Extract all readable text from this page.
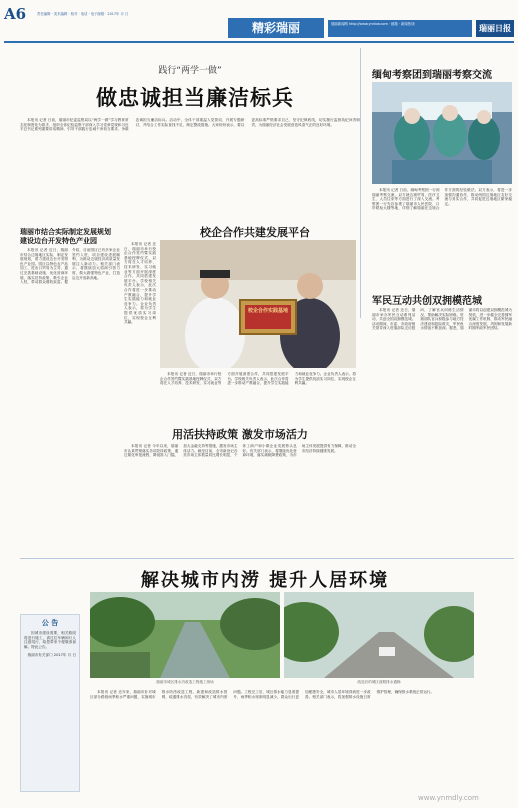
A6	责任编辑 · 美术编辑 · 校对 · 电话 · 电子邮箱 · 2017年 月 日
精彩瑞丽	瑞丽新闻网 http://www.ynrlxw.com · 邮箱 · 新闻热线	瑞丽日报
践行“两学一做”
做忠诚担当廉洁标兵

本报讯 记者 日前，瑞丽市纪委监察局以“两学一做”学习教育常态化制度化为抓手，组织全体纪检监察干部深入学习党章党规和习近平总书记系列重要讲话精神，引导干部践行忠诚干净担当要求，争做忠诚担当廉洁标兵。活动中，全体干部重温入党誓词，开展专题研讨，并结合工作实际查找不足，制定整改措施。大家纷纷表示，要以更高标准严格要求自己，坚守纪律底线，切实履行监督执纪问责职责，为瑞丽经济社会发展营造风清气正的良好环境。

缅甸考察团到瑞丽考察交流

本报讯 记者 日前，缅甸考察团一行到瑞丽考察交流，双方就边境贸易、医疗卫生、人员往来等方面进行了深入交流。考察团一行先后参观了瑞丽市人民医院、口岸联检大楼等地，详细了解瑞丽在边境合作方面的经验做法。双方表示，将进一步加强沟通协作，推动两国边境地区友好交流与务实合作，共同促进边境地区繁荣稳定。

瑞丽市结合实际制定发展规划 建设边台开发特色产业园

本报讯 记者 近日，瑞丽市结合边境地区实际，制定发展规划，着力建设边台开发特色产业园。园区以特色农产品加工、进出口贸易为主导，通过完善基础设施、优化营商环境、落实扶持政策，吸引企业入驻，带动群众增收致富。据介绍，目前园区已有多家企业签约入驻，项目建设进展顺利，为推动边境经济高质量发展注入新动力。相关部门表示，将继续加大招商引资力度，做大做强特色产业，打造沿边开放新高地。

校企合作共建发展平台

本报讯 记者 近日，瑞丽市举行校企合作签约暨实践基地授牌仪式，双方将在人才培养、技术研发、实习就业等方面开展深度合作，共同搭建发展平台。学校相关负责人表示，此次合作将进一步推动产教融合，提升学生实践能力和就业竞争力。企业负责人表示，将为学生提供优质实习岗位，实现校企互利共赢。

校企合作实践基地

本报讯 记者 近日，瑞丽市举行校企合作签约暨实践基地授牌仪式，双方将在人才培养、技术研发、实习就业等方面开展深度合作，共同搭建发展平台。学校相关负责人表示，此次合作将进一步推动产教融合，提升学生实践能力和就业竞争力。企业负责人表示，将为学生提供优质实习岗位，实现校企互利共赢。

用活扶持政策 激发市场活力

本报讯 记者 今年以来，瑞丽市认真贯彻落实各项扶持政策，通过简化审批流程、降低准入门槛、加大金融支持等措施，激发市场主体活力。截至目前，全市新登记各类市场主体数量同比增长明显，个体工商户和小微企业发展势头良好。有关部门表示，将继续优化营商环境，落实减税降费政策，为市场主体发展提供有力保障，推动全市经济持续健康发展。

军民互动共创双拥模范城

本报讯 记者 近日，瑞丽市举办军民互动系列活动，共创全国双拥模范城。活动期间，市委、市政府相关领导深入驻瑞部队走访慰问，了解官兵训练生活情况，帮助解决实际困难。驻瑞部队官兵积极参与地方经济建设和抢险救灾，军民鱼水情谊不断加深。据悉，瑞丽市将以创建双拥模范城为契机，进一步健全完善拥军优属工作机制，推动军民融合深度发展，巩固和发展新时期军政军民团结。

解决城市内涝 提升人居环境
瑞丽市城区排水沟改造工程施工现场	改造后的城区道路排水通畅

本报讯 记者 近年来，瑞丽市针对城区部分路段雨季积水严重问题，实施城市排水防涝改造工程，新建和改造排水管网、疏通排水沟渠，有效解决了城市内涝问题。工程完工后，城区排水能力显著提升，雨季积水现象明显减少，群众出行更加便捷安全，城市人居环境得到进一步改善。相关部门表示，将加强排水设施日常维护管理，确保排水系统正常运行。

公 告

因城市建设需要，相关路段将进行施工，请过往车辆和行人注意绕行，给您带来不便敬请谅解。特此公告。

瑞丽市有关部门 2017年 月 日
www.ynmdly.com
